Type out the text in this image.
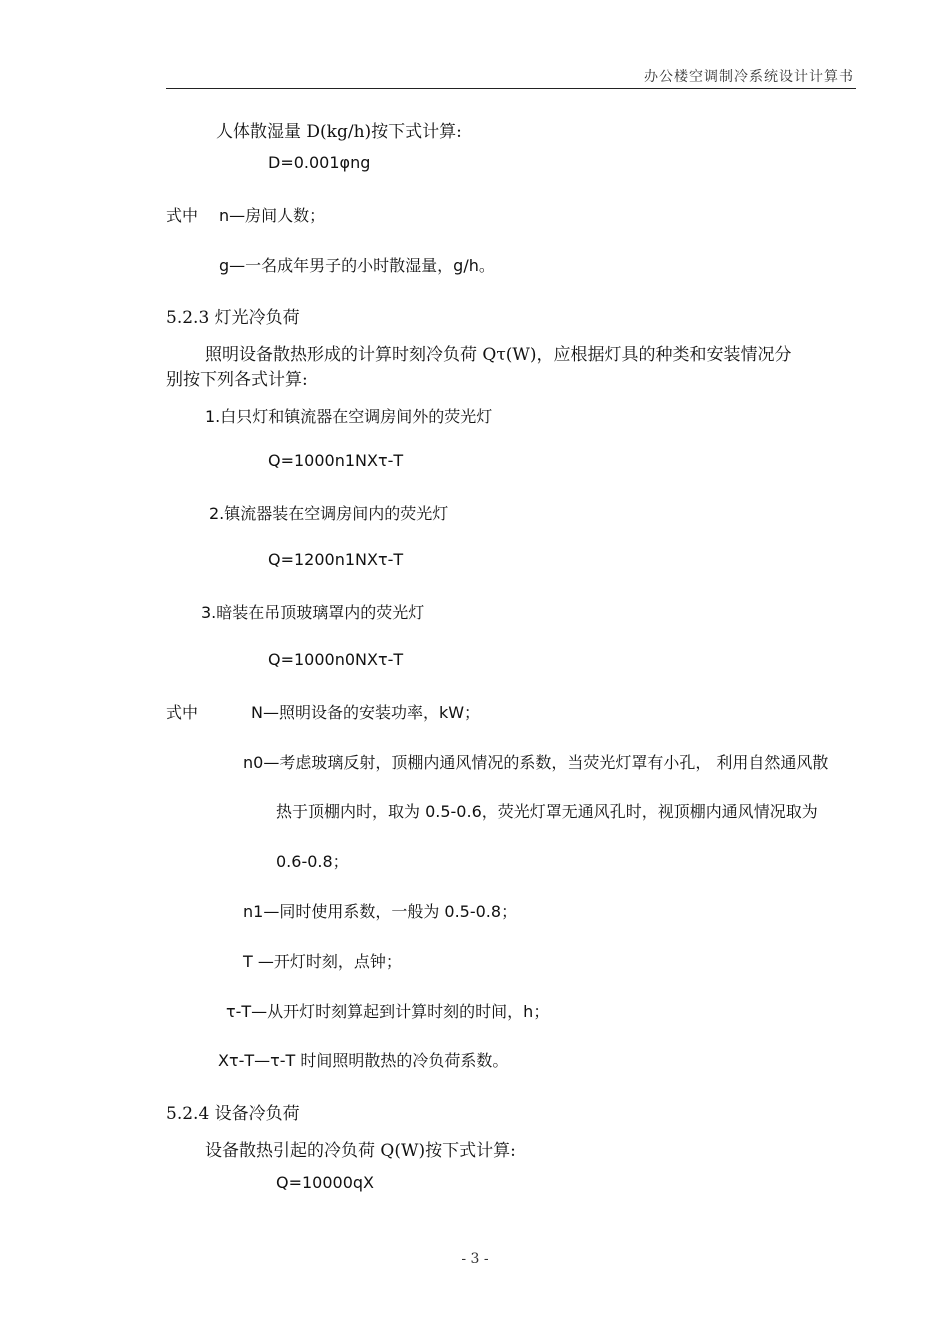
办公楼空调制冷系统设计计算书
人体散湿量 D(kg/h)按下式计算:
D=0.001φng
式中 n—房间人数；
g—一名成年男子的小时散湿量，g/h。
5.2.3 灯光冷负荷
照明设备散热形成的计算时刻冷负荷 Qτ(W)，应根据灯具的种类和安装情况分
别按下列各式计算:
1.白只灯和镇流器在空调房间外的荧光灯
Q=1000n1NXτ-T
2.镇流器装在空调房间内的荧光灯
Q=1200n1NXτ-T
3.暗装在吊顶玻璃罩内的荧光灯
Q=1000n0NXτ-T
式中	N—照明设备的安装功率，kW；
n0—考虑玻璃反射，顶棚内通风情况的系数，当荧光灯罩有小孔， 利用自然通风散
热于顶棚内时，取为 0.5-0.6，荧光灯罩无通风孔时，视顶棚内通风情况取为
0.6-0.8；
n1—同时使用系数，一般为 0.5-0.8；
T —开灯时刻，点钟；
τ-T—从开灯时刻算起到计算时刻的时间，h；
Xτ-T—τ-T 时间照明散热的冷负荷系数。
5.2.4 设备冷负荷
设备散热引起的冷负荷 Q(W)按下式计算:
Q=10000qX
- 3 -
